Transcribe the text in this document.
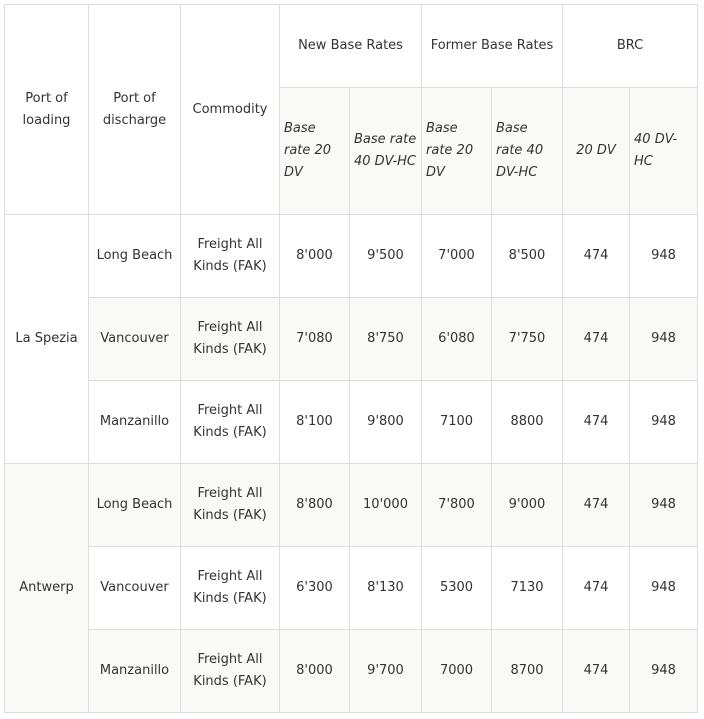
Port of loading	Port of discharge	Commodity	New Base Rates		Former Base Rates		BRC	
			Base rate 20 DV	Base rate 40 DV-HC	Base rate 20 DV	Base rate 40 DV-HC	20 DV	40 DV-HC
La Spezia	Long Beach	Freight All Kinds (FAK)	8'000	9'500	7'000	8'500	474	948
	Vancouver	Freight All Kinds (FAK)	7'080	8'750	6'080	7'750	474	948
	Manzanillo	Freight All Kinds (FAK)	8'100	9'800	7100	8800	474	948
Antwerp	Long Beach	Freight All Kinds (FAK)	8'800	10'000	7'800	9'000	474	948
	Vancouver	Freight All Kinds (FAK)	6'300	8'130	5300	7130	474	948
	Manzanillo	Freight All Kinds (FAK)	8'000	9'700	7000	8700	474	948
